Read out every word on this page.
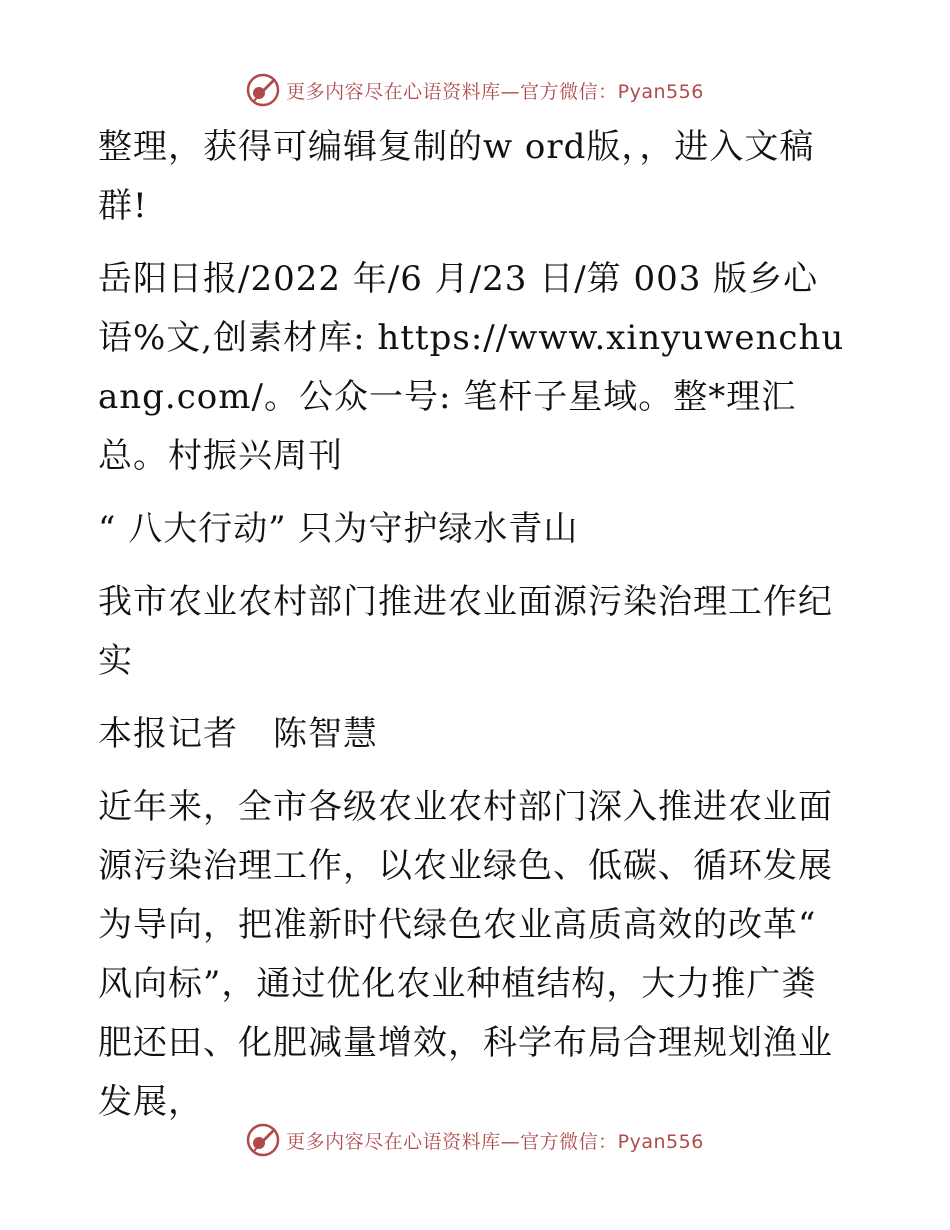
更多内容尽在心语资料库—官方微信：Pyan556

整理，获得可编辑复制的w ord版，，进入文稿群!

岳阳日报/2022 年/6 月/23 日/第 003 版乡心语%文,创素材库: https://www.xinyuwenchuang.com/。公众一号: 笔杆子星域。整*理汇总。村振兴周刊

“ 八大行动” 只为守护绿水青山

我市农业农村部门推进农业面源污染治理工作纪实

本报记者　陈智慧

近年来，全市各级农业农村部门深入推进农业面源污染治理工作，以农业绿色、低碳、循环发展为导向，把准新时代绿色农业高质高效的改革“ 风向标”，通过优化农业种植结构，大力推广粪肥还田、化肥减量增效，科学布局合理规划渔业发展，

更多内容尽在心语资料库—官方微信：Pyan556
